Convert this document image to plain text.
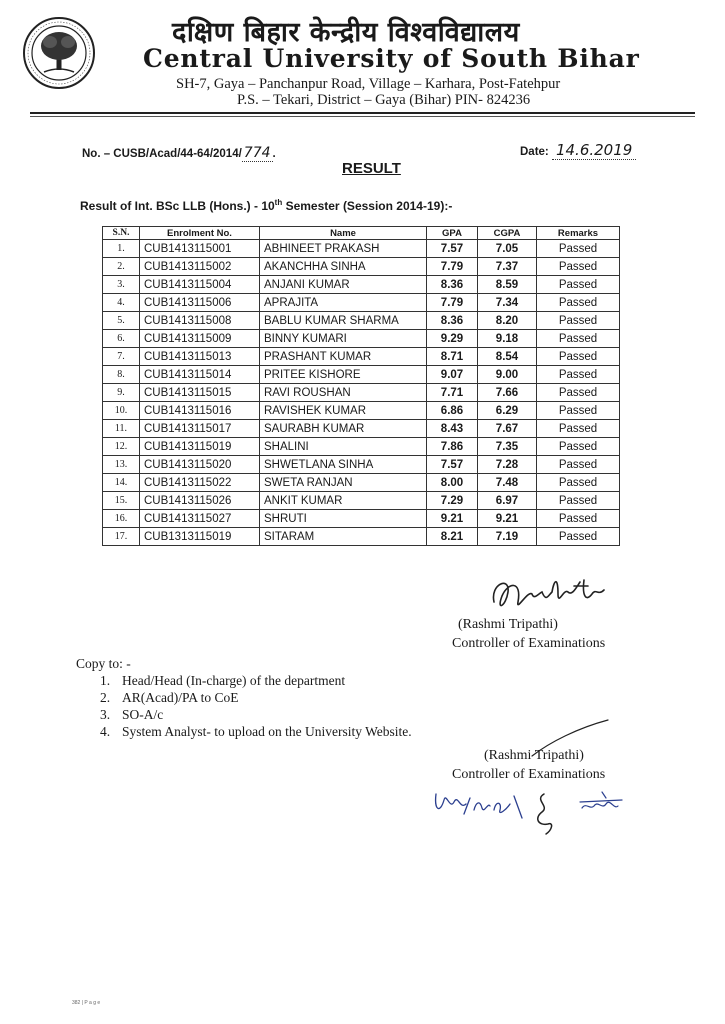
दक्षिण बिहार केन्द्रीय विश्वविद्यालय
Central University of South Bihar
SH-7, Gaya – Panchanpur Road, Village – Karhara, Post-Fatehpur
P.S. – Tekari, District – Gaya (Bihar) PIN- 824236
No. – CUSB/Acad/44-64/2014/ 774 .	Date: 14.6.2019
RESULT
Result of Int. BSc LLB (Hons.) - 10th Semester (Session 2014-19):-
S.N.	Enrolment No.	Name	GPA	CGPA	Remarks
1.	CUB1413115001	ABHINEET PRAKASH	7.57	7.05	Passed
2.	CUB1413115002	AKANCHHA SINHA	7.79	7.37	Passed
3.	CUB1413115004	ANJANI KUMAR	8.36	8.59	Passed
4.	CUB1413115006	APRAJITA	7.79	7.34	Passed
5.	CUB1413115008	BABLU KUMAR SHARMA	8.36	8.20	Passed
6.	CUB1413115009	BINNY KUMARI	9.29	9.18	Passed
7.	CUB1413115013	PRASHANT KUMAR	8.71	8.54	Passed
8.	CUB1413115014	PRITEE KISHORE	9.07	9.00	Passed
9.	CUB1413115015	RAVI ROUSHAN	7.71	7.66	Passed
10.	CUB1413115016	RAVISHEK KUMAR	6.86	6.29	Passed
11.	CUB1413115017	SAURABH KUMAR	8.43	7.67	Passed
12.	CUB1413115019	SHALINI	7.86	7.35	Passed
13.	CUB1413115020	SHWETLANA SINHA	7.57	7.28	Passed
14.	CUB1413115022	SWETA RANJAN	8.00	7.48	Passed
15.	CUB1413115026	ANKIT KUMAR	7.29	6.97	Passed
16.	CUB1413115027	SHRUTI	9.21	9.21	Passed
17.	CUB1313115019	SITARAM	8.21	7.19	Passed
(Rashmi Tripathi)
Controller of Examinations
Copy to: -
1. Head/Head (In-charge) of the department
2. AR(Acad)/PA to CoE
3. SO-A/c
4. System Analyst- to upload on the University Website.
(Rashmi Tripathi)
Controller of Examinations
382 | P a g e
